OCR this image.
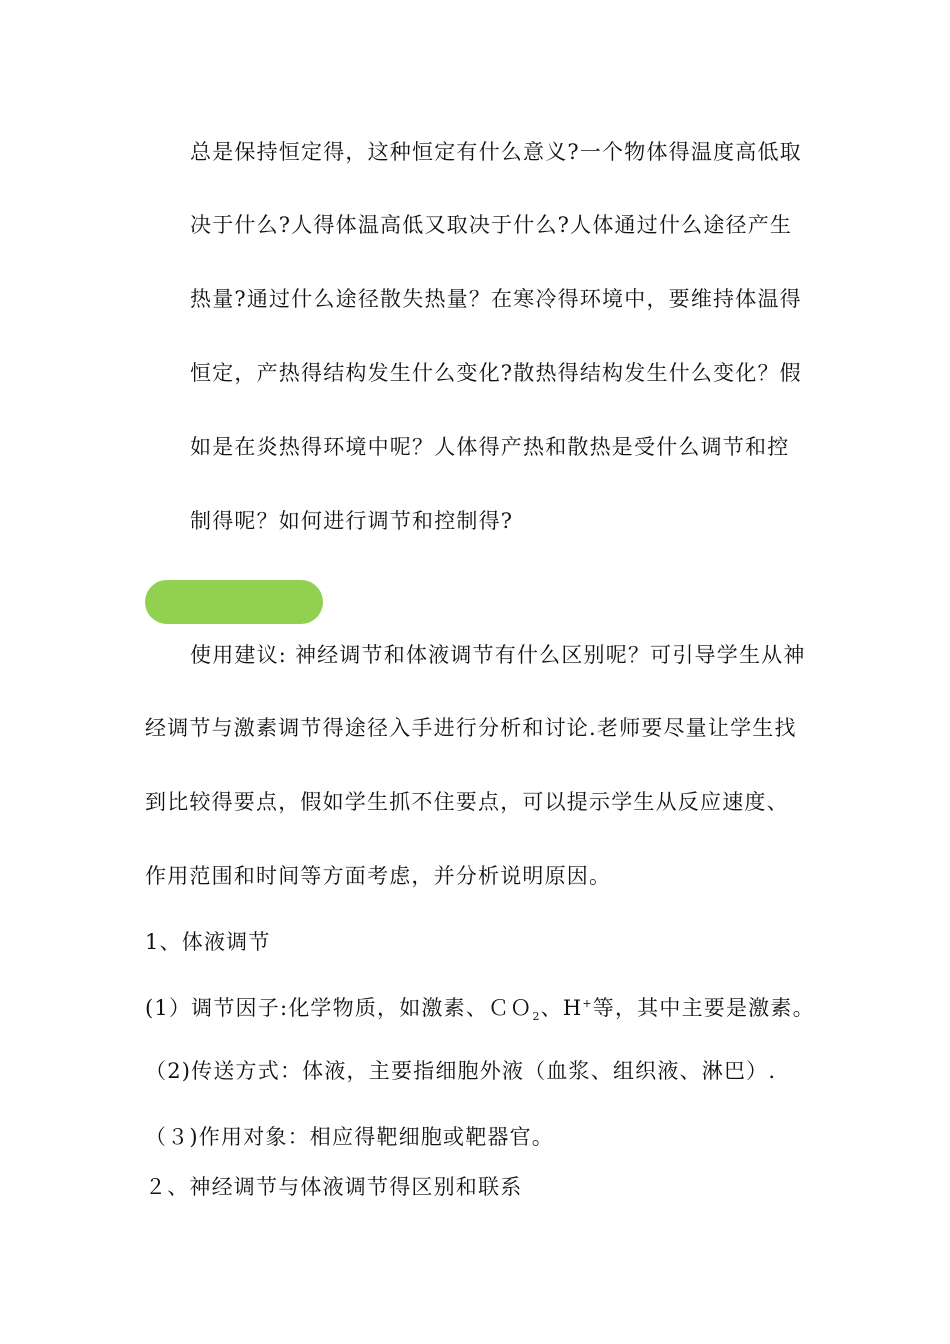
总是保持恒定得，这种恒定有什么意义?一个物体得温度高低取
决于什么?人得体温高低又取决于什么?人体通过什么途径产生
热量?通过什么途径散失热量？在寒冷得环境中，要维持体温得
恒定，产热得结构发生什么变化?散热得结构发生什么变化？假
如是在炎热得环境中呢？人体得产热和散热是受什么调节和控
制得呢？如何进行调节和控制得?
使用建议: 神经调节和体液调节有什么区别呢？可引导学生从神
经调节与激素调节得途径入手进行分析和讨论.老师要尽量让学生找
到比较得要点，假如学生抓不住要点，可以提示学生从反应速度、
作用范围和时间等方面考虑，并分析说明原因。
1、体液调节
(1）调节因子:化学物质，如激素、ＣＯ$_2$、H+等，其中主要是激素。
（2)传送方式：体液，主要指细胞外液（血浆、组织液、淋巴）.
（３)作用对象：相应得靶细胞或靶器官。
２、神经调节与体液调节得区别和联系
